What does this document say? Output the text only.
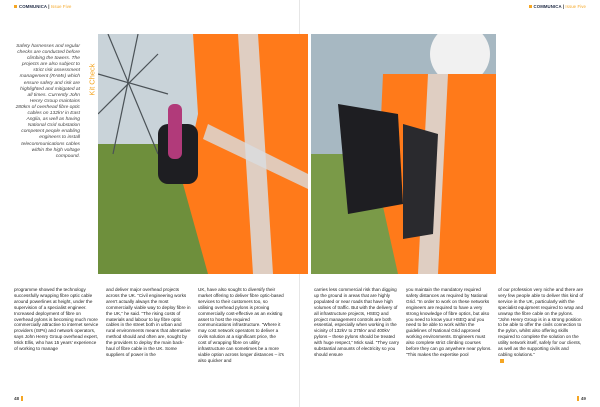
COMMUNICA | Issue Five
Safety harnesses and regular checks are conducted before climbing the towers. The projects are also subject to strict risk assessment management (RAMs) which ensure safety and risk are highlighted and mitigated at all times. Currently John Henry Group maintains 280km of overhead fibre optic cables on 132kV in East Anglia, as well as having National Grid substation competent people enabling engineers to install telecommunications cables within the high voltage compound.
Kit Check
48
COMMUNICA | Issue Five
49

programme showed the technology successfully wrapping fibre optic cable around powerlines at height, under the supervision of a specialist engineer. Increased deployment of fibre on overhead pylons is becoming much more commercially attractive to internet service providers (ISPs) and network operators, says John Henry Group overhead expert, Mick Ellis, who has 15 years' experience of working to manage

and deliver major overhead projects across the UK. “Civil engineering works aren't actually always the most commercially viable way to deploy fibre in the UK,” he said. “The rising costs of materials and labour to lay fibre optic cables in the street both in urban and rural environments means that alternative method should and often are, sought by the providers to deploy the main back-haul of fibre cable in the UK. Some suppliers of power in the

UK, have also sought to diversify their market offering to deliver fibre optic-based services to their customers too, so utilising overhead pylons is proving commercially cost-effective as an existing asset to host the required communications infrastructure. “Where it may cost network operators to deliver a civils solution at a significant price, the cost of wrapping fibre on utility infrastructure can sometimes be a more viable option across longer distances – it's also quicker and

carries less commercial risk than digging up the ground in areas that are highly populated or near roads that have high volumes of traffic. But with the delivery of all infrastructure projects, HSEQ and project management controls are both essential, especially when working in the vicinity of 132kV to 275kV and 400kV pylons – these pylons should be treated with huge respect,” Mick said. “They carry substantial amounts of electricity so you should ensure

you maintain the mandatory required safety distances as required by National Grid. “In order to work on these networks engineers are required to have a very strong knowledge of fibre optics, but also you need to know your HSEQ and you need to be able to work within the guidelines of National Grid approved working environments. Engineers must also complete strict climbing courses before they can go anywhere near pylons. “This makes the expertise pool

of our profession very niche and there are very few people able to deliver this kind of service in the UK, particularly with the specialist equipment required to wrap and unwrap the fibre cable on the pylons. “John Henry Group is in a strong position to be able to offer the civils connection to the pylon, whilst also offering skills required to complete the solution on the utility network itself, safely for our clients, as well as the supporting civils and cabling solutions.”
